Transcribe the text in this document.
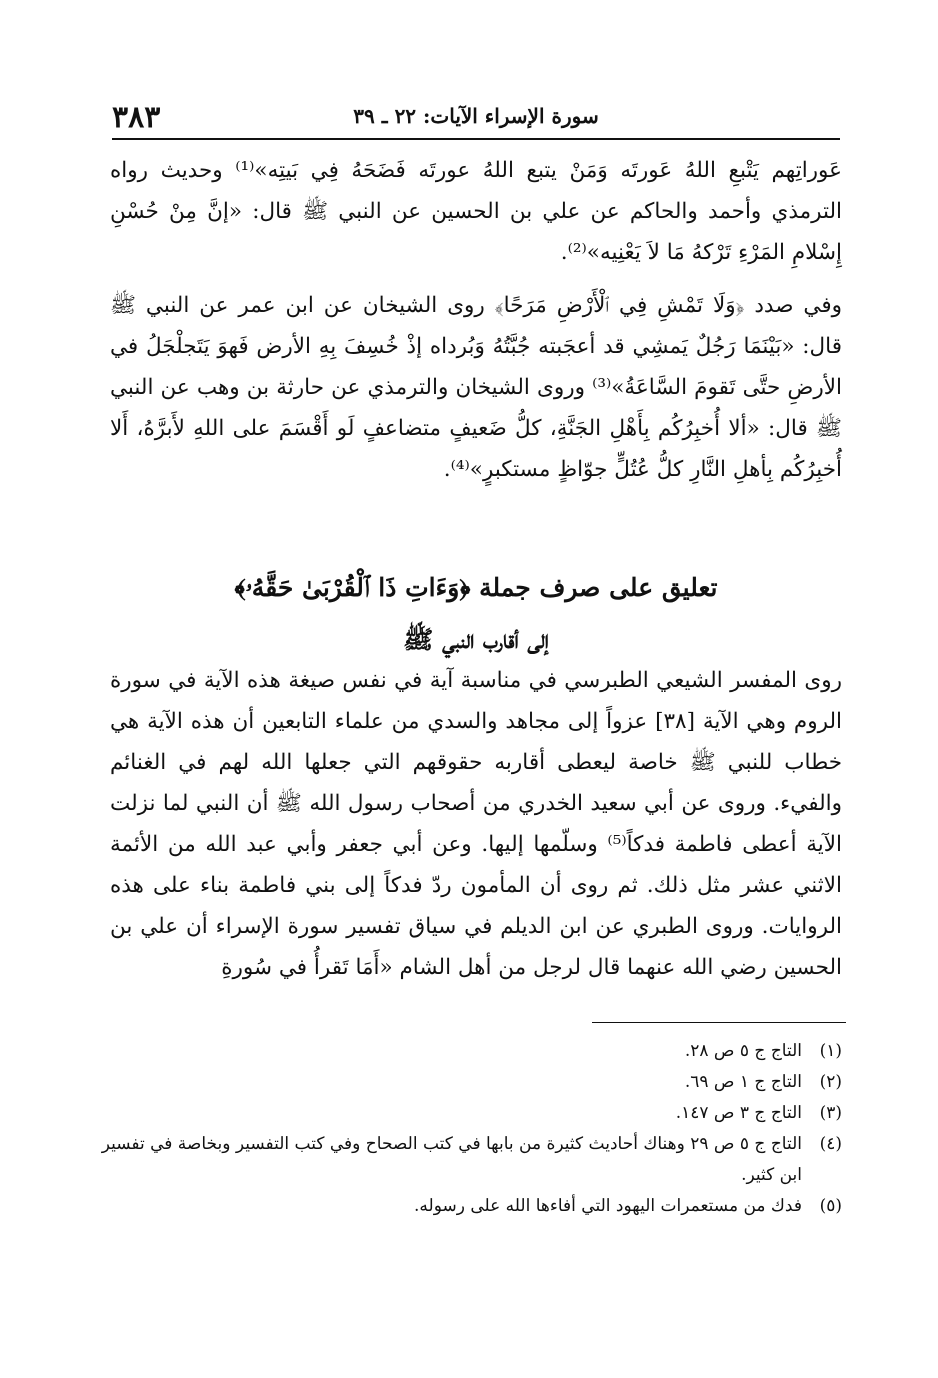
٣٨٣	سورة الإسراء الآيات: ٢٢ ـ ٣٩

عَوراتِهم يَتْبعِ اللهُ عَورتَه وَمَنْ يتبع اللهُ عورتَه فَضَحَهُ فِي بَيتِه»⁽¹⁾ وحديث رواه الترمذي وأحمد والحاكم عن علي بن الحسين عن النبي ﷺ قال: «إنَّ مِنْ حُسْنِ إِسْلامِ المَرْءِ تَرْكهُ مَا لاَ يَعْنِيه»⁽²⁾.

وفي صدد ﴿وَلَا تَمْشِ فِي ٱلْأَرْضِ مَرَحًا﴾ روى الشيخان عن ابن عمر عن النبي ﷺ قال: «بَيْنَمَا رَجُلٌ يَمشِي قد أعجَبته جُبَّتُهُ وَبُرداه إذْ خُسِفَ بِهِ الأرض فَهوَ يَتَجلْجَلُ في الأرضِ حتَّى تَقومَ السَّاعَةُ»⁽³⁾ وروى الشيخان والترمذي عن حارثة بن وهب عن النبي ﷺ قال: «ألا أُخبِرُكُم بِأَهْلِ الجَنَّةِ، كلُّ ضَعيفٍ متضاعفٍ لَو أَقْسَمَ على اللهِ لأَبرَّهُ، أَلا أُخبِرُكُم بِأهلِ النَّارِ كلُّ عُتُلٍّ جوّاظٍ مستكبرٍ»⁽⁴⁾.

تعليق على صرف جملة ﴿وَءَاتِ ذَا ٱلْقُرْبَىٰ حَقَّهُۥ﴾
إلى أقارب النبي ﷺ

روى المفسر الشيعي الطبرسي في مناسبة آية في نفس صيغة هذه الآية في سورة الروم وهي الآية [٣٨] عزواً إلى مجاهد والسدي من علماء التابعين أن هذه الآية هي خطاب للنبي ﷺ خاصة ليعطى أقاربه حقوقهم التي جعلها الله لهم في الغنائم والفيء. وروى عن أبي سعيد الخدري من أصحاب رسول الله ﷺ أن النبي لما نزلت الآية أعطى فاطمة فدكاً⁽⁵⁾ وسلّمها إليها. وعن أبي جعفر وأبي عبد الله من الأئمة الاثني عشر مثل ذلك. ثم روى أن المأمون ردّ فدكاً إلى بني فاطمة بناء على هذه الروايات. وروى الطبري عن ابن الديلم في سياق تفسير سورة الإسراء أن علي بن الحسين رضي الله عنهما قال لرجل من أهل الشام «أَمَا تَقرأُ في سُورةِ

(١)
التاج ج ٥ ص ٢٨.
(٢)
التاج ج ١ ص ٦٩.
(٣)
التاج ج ٣ ص ١٤٧.
(٤)
التاج ج ٥ ص ٢٩ وهناك أحاديث كثيرة من بابها في كتب الصحاح وفي كتب التفسير وبخاصة في تفسير ابن كثير.
(٥)
فدك من مستعمرات اليهود التي أفاءها الله على رسوله.
